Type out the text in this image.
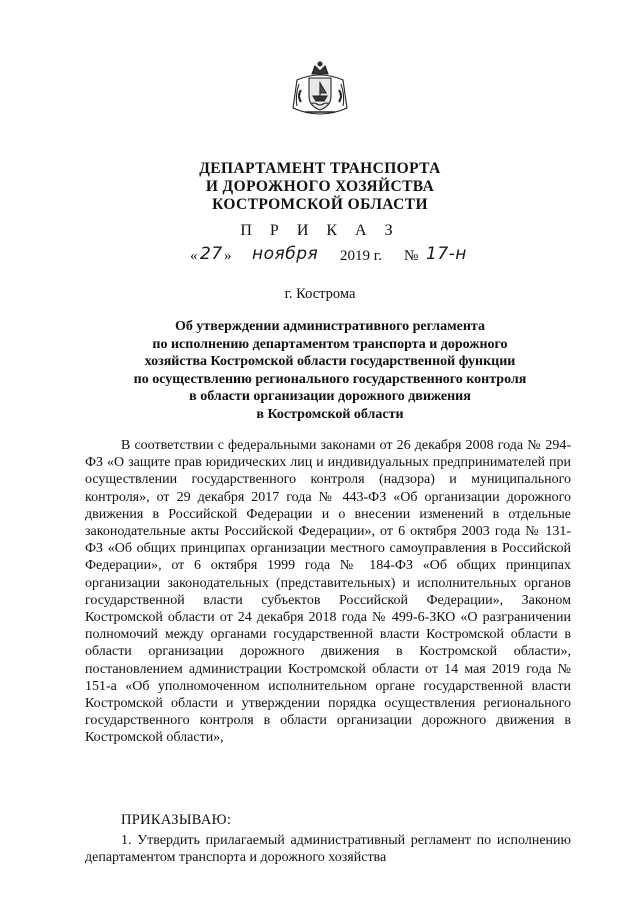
ДЕПАРТАМЕНТ ТРАНСПОРТА
И ДОРОЖНОГО ХОЗЯЙСТВА
КОСТРОМСКОЙ ОБЛАСТИ
П Р И К А З
« 27 » ноября 2019 г. № 17-н
г. Кострома
Об утверждении административного регламента
по исполнению департаментом транспорта и дорожного
хозяйства Костромской области государственной функции
по осуществлению регионального государственного контроля
в области организации дорожного движения
в Костромской области

В соответствии с федеральными законами от 26 декабря 2008 года № 294-ФЗ «О защите прав юридических лиц и индивидуальных предпринимателей при осуществлении государственного контроля (надзора) и муниципального контроля», от 29 декабря 2017 года № 443-ФЗ «Об организации дорожного движения в Российской Федерации и о внесении изменений в отдельные законодательные акты Российской Федерации», от 6 октября 2003 года № 131-ФЗ «Об общих принципах организации местного самоуправления в Российской Федерации», от 6 октября 1999 года № 184-ФЗ «Об общих принципах организации законодательных (представительных) и исполнительных органов государственной власти субъектов Российской Федерации», Законом Костромской области от 24 декабря 2018 года № 499-6-ЗКО «О разграничении полномочий между органами государственной власти Костромской области в области организации дорожного движения в Костромской области», постановлением администрации Костромской области от 14 мая 2019 года № 151-а «Об уполномоченном исполнительном органе государственной власти Костромской области и утверждении порядка осуществления регионального государственного контроля в области организации дорожного движения в Костромской области»,

ПРИКАЗЫВАЮ:

1. Утвердить прилагаемый административный регламент по исполнению департаментом транспорта и дорожного хозяйства
